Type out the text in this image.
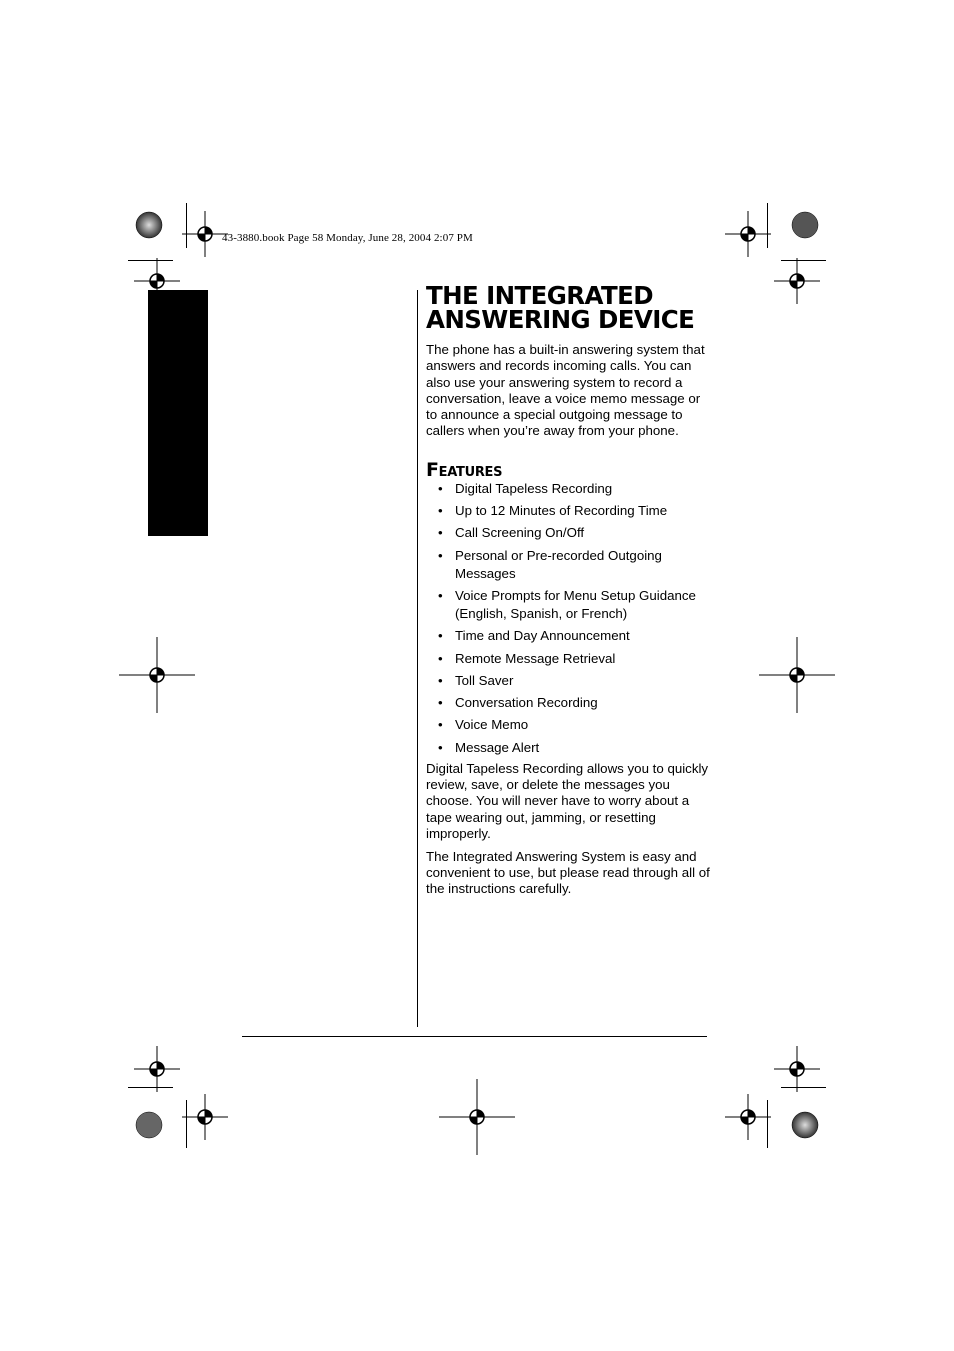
43-3880.book Page 58 Monday, June 28, 2004 2:07 PM
THE INTEGRATED
ANSWERING DEVICE

The phone has a built-in answering system that answers and records incoming calls. You can also use your answering system to record a conversation, leave a voice memo message or to announce a special outgoing message to callers when you’re away from your phone.

Features
• Digital Tapeless Recording
• Up to 12 Minutes of Recording Time
• Call Screening On/Off
• Personal or Pre-recorded Outgoing Messages
• Voice Prompts for Menu Setup Guidance (English, Spanish, or French)
• Time and Day Announcement
• Remote Message Retrieval
• Toll Saver
• Conversation Recording
• Voice Memo
• Message Alert

Digital Tapeless Recording allows you to quickly review, save, or delete the messages you choose. You will never have to worry about a tape wearing out, jamming, or resetting improperly.

The Integrated Answering System is easy and convenient to use, but please read through all of the instructions carefully.
